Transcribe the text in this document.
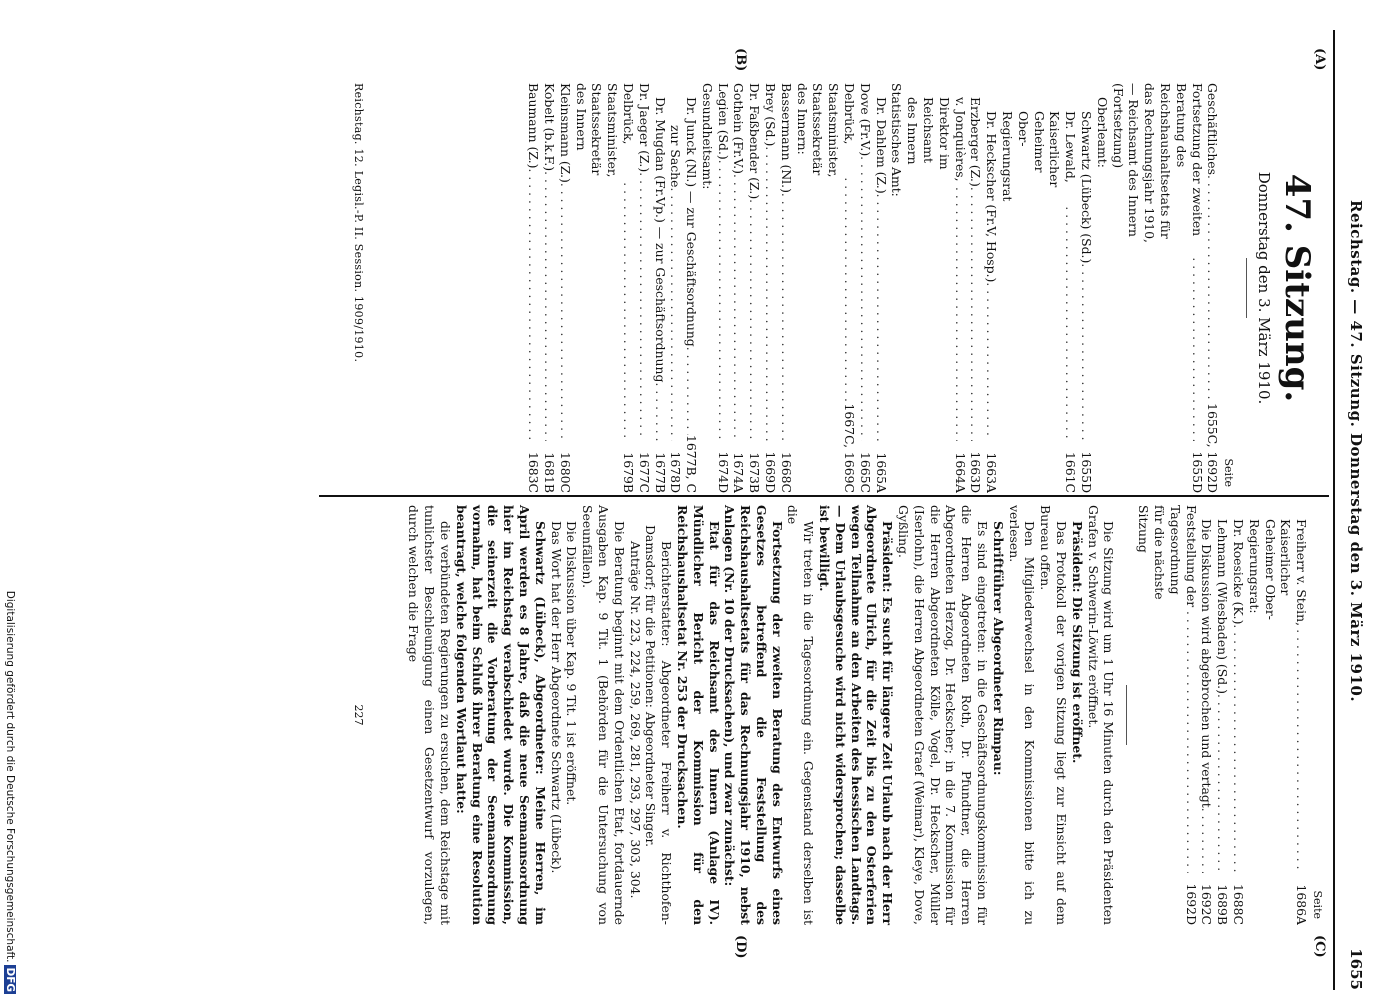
Reichstag. — 47. Sitzung. Donnerstag den 3. März 1910.
1655
(A)
(B)
(C)
(D)
47. Sitzung.
Donnerstag den 3. März 1910.
Seite
Geschäftliches
. . .
1655C, 1692D
Fortsetzung der zweiten Beratung des Reichshaushaltsetats für das Rechnungsjahr 1910, — Reichsamt des Innern (Fortsetzung)
. . .
1655D
Oberleamt:
Schwartz (Lübeck) (Sd.)
. . .
1655D
Dr. Lewald, Kaiserlicher Geheimer Ober-Regierungsrat
. . .
1661C
Dr. Heckscher (Fr.V, Hosp.)
. . .
1663A
Erzberger (Z.)
. . .
1663D
v. Jonquières, Direktor im Reichsamt des Innern
. . .
1664A
Statistisches Amt:
Dr. Dahlem (Z.)
. . .
1665A
Dove (Fr.V.)
. . .
1665C
Delbrück, Staatsminister, Staatssekretär des Innern:
. . .
1667C, 1669C
Bassermann (Nl.)
. . .
1668C
Brey (Sd.)
. . .
1669D
Dr. Faßbender (Z.)
. . .
1673B
Gothein (Fr.V.)
. . .
1674A
Legien (Sd.)
. . .
1674D
Gesundheitsamt:
Dr. Junck (Nl.) — zur Geschäftsordnung
. . .
1677B, C
zur Sache
. . .
1678D
Dr. Mugdan (Fr.Vp.) — zur Geschäftsordnung
. . .
1677B
Dr. Jaeger (Z.)
. . .
1677C
Delbrück, Staatsminister, Staatssekretär des Innern
. . .
1679B
Kleinsmann (Z.)
. . .
1680C
Kobelt (b.k.F.)
. . .
1681B
Baumann (Z.)
. . .
1683C
Seite
Freiherr v. Stein, Kaiserlicher Geheimer Ober-Regierungsrat:
. . .
1686A
Dr. Roesicke (K.)
. . .
1688C
Lehmann (Wiesbaden) (Sd.)
. . .
1689B
Die Diskussion wird abgebrochen und vertagt
. . .
1692C
Feststellung der Tagesordnung für die nächste Sitzung
. . .
1692D
Die Sitzung wird um 1 Uhr 16 Minuten durch den Präsidenten Grafen v. Schwerin-Löwitz eröffnet.
Präsident: Die Sitzung ist eröffnet.
Das Protokoll der vorigen Sitzung liegt zur Einsicht auf dem Bureau offen.
Den Mitgliederwechsel in den Kommissionen bitte ich zu verlesen.
Schriftführer Abgeordneter Rimpau:
Es sind eingetreten: in die Geschäftsordnungskommission für die Herren Abgeordneten Roth, Dr. Pfundtner, die Herren Abgeordneten Herzog, Dr. Heckscher; in die 7. Kommission für die Herren Abgeordneten Kölle, Vogel, Dr. Heckscher, Müller (Iserlohn), die Herren Abgeordneten Graef (Weimar), Kleye, Dove, Gyßling.
Präsident: Es sucht für längere Zeit Urlaub nach der Herr Abgeordnete Ulrich, für die Zeit bis zu den Osterferien wegen Teilnahme an den Arbeiten des hessischen Landtags. — Dem Urlaubsgesuche wird nicht widersprochen; dasselbe ist bewilligt.
Wir treten in die Tagesordnung ein. Gegenstand derselben ist die
Fortsetzung der zweiten Beratung des Entwurfs eines Gesetzes betreffend die Feststellung des Reichshaushaltsetats für das Rechnungsjahr 1910, nebst Anlagen (Nr. 10 der Drucksachen), und zwar zunächst:
Etat für das Reichsamt des Innern (Anlage IV). Mündlicher Bericht der Kommission für den Reichshaushaltsetat Nr. 253 der Drucksachen.
Berichterstatter: Abgeordneter Freiherr v. Richthofen-Damsdorf; für die Petitionen: Abgeordneter Singer.
Anträge Nr. 223, 224, 259, 269, 281, 293, 297, 303, 304.
Die Beratung beginnt mit dem Ordentlichen Etat, fortdauernde Ausgaben Kap. 9 Tit. 1 (Behörden für die Untersuchung von Seeunfällen).
Die Diskussion über Kap. 9 Tit. 1 ist eröffnet.
Das Wort hat der Herr Abgeordnete Schwartz (Lübeck).
Schwartz (Lübeck), Abgeordneter: Meine Herren, im April werden es 8 Jahre, daß die neue Seemannsordnung hier im Reichstag verabschiedet wurde. Die Kommission, die seinerzeit die Vorberatung der Seemannsordnung vornahm, hat beim Schluß ihrer Beratung eine Resolution beantragt, welche folgenden Wortlaut hatte:
die verbündeten Regierungen zu ersuchen, dem Reichstage mit tunlichster Beschleunigung einen Gesetzentwurf vorzulegen, durch welchen die Frage
Reichstag. 12. Legisl.-P. II. Session. 1909/1910.
227
Digitalisierung gefördert durch die Deutsche Forschungsgemeinschaft.DFG
